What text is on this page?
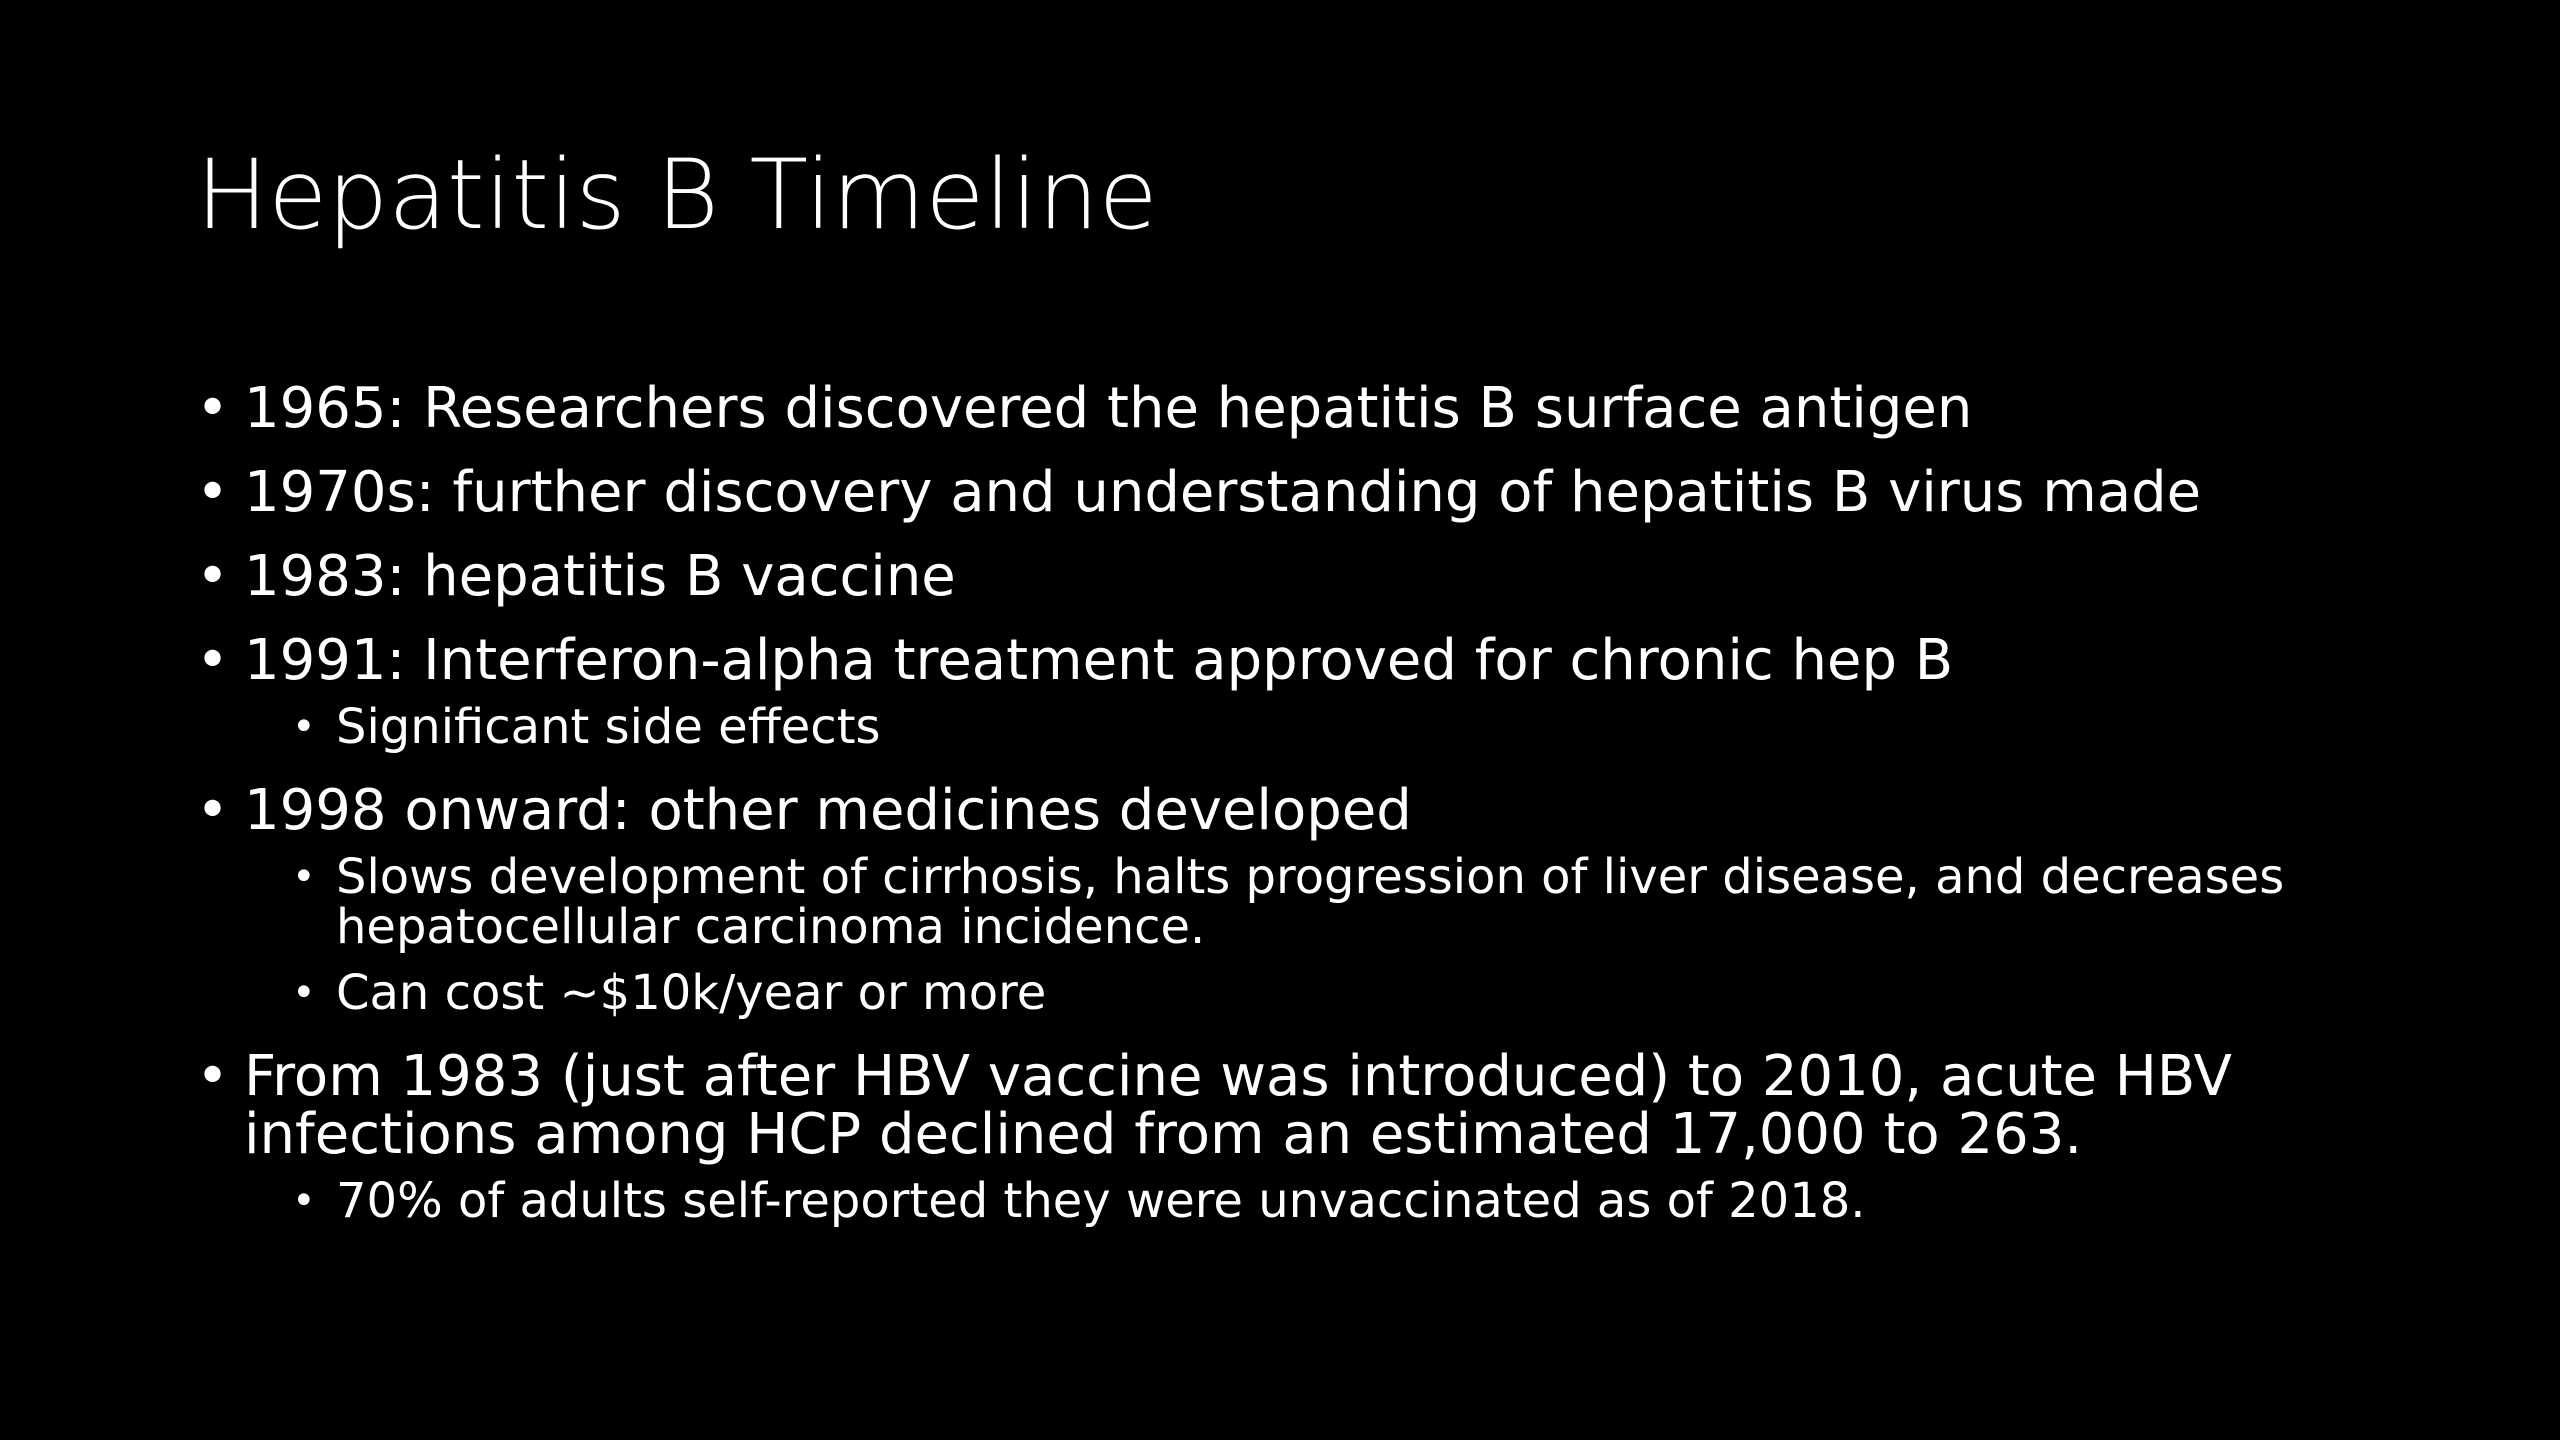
Hepatitis B Timeline
• 1965: Researchers discovered the hepatitis B surface antigen
• 1970s: further discovery and understanding of hepatitis B virus made
• 1983: hepatitis B vaccine
• 1991: Interferon-alpha treatment approved for chronic hep B
• Significant side effects
• 1998 onward: other medicines developed
• Slows development of cirrhosis, halts progression of liver disease, and decreases hepatocellular carcinoma incidence.
• Can cost ~$10k/year or more
• From 1983 (just after HBV vaccine was introduced) to 2010, acute HBV infections among HCP declined from an estimated 17,000 to 263.
• 70% of adults self-reported they were unvaccinated as of 2018.
